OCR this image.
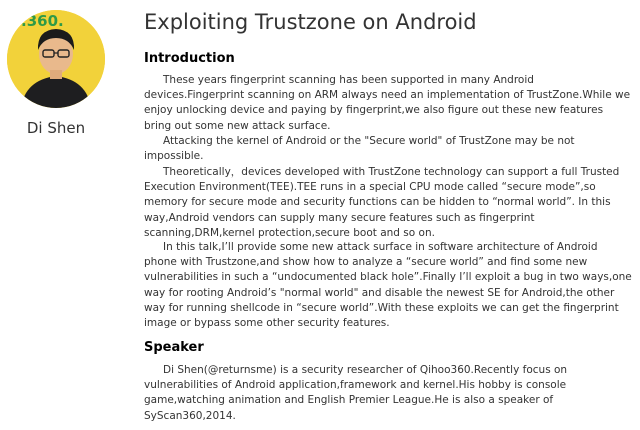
.360.
Di Shen
Exploiting Trustzone on Android
Introduction
These years fingerprint scanning has been supported in many Android devices.Fingerprint scanning on ARM always need an implementation of TrustZone.While we enjoy unlocking device and paying by fingerprint,we also figure out these new features bring out some new attack surface.
Attacking the kernel of Android or the "Secure world" of TrustZone may be not impossible.
Theoretically，devices developed with TrustZone technology can support a full Trusted Execution Environment(TEE).TEE runs in a special CPU mode called “secure mode”,so memory for secure mode and security functions can be hidden to “normal world”. In this way,Android vendors can supply many secure features such as fingerprint scanning,DRM,kernel protection,secure boot and so on.
In this talk,I’ll provide some new attack surface in software architecture of Android phone with Trustzone,and show how to analyze a “secure world” and find some new vulnerabilities in such a “undocumented black hole”.Finally I’ll exploit a bug in two ways,one way for rooting Android’s "normal world" and disable the newest SE for Android,the other way for running shellcode in “secure world”.With these exploits we can get the fingerprint image or bypass some other security features.
Speaker
Di Shen(@returnsme) is a security researcher of Qihoo360.Recently focus on vulnerabilities of Android application,framework and kernel.His hobby is console game,watching animation and English Premier League.He is also a speaker of SyScan360,2014.
